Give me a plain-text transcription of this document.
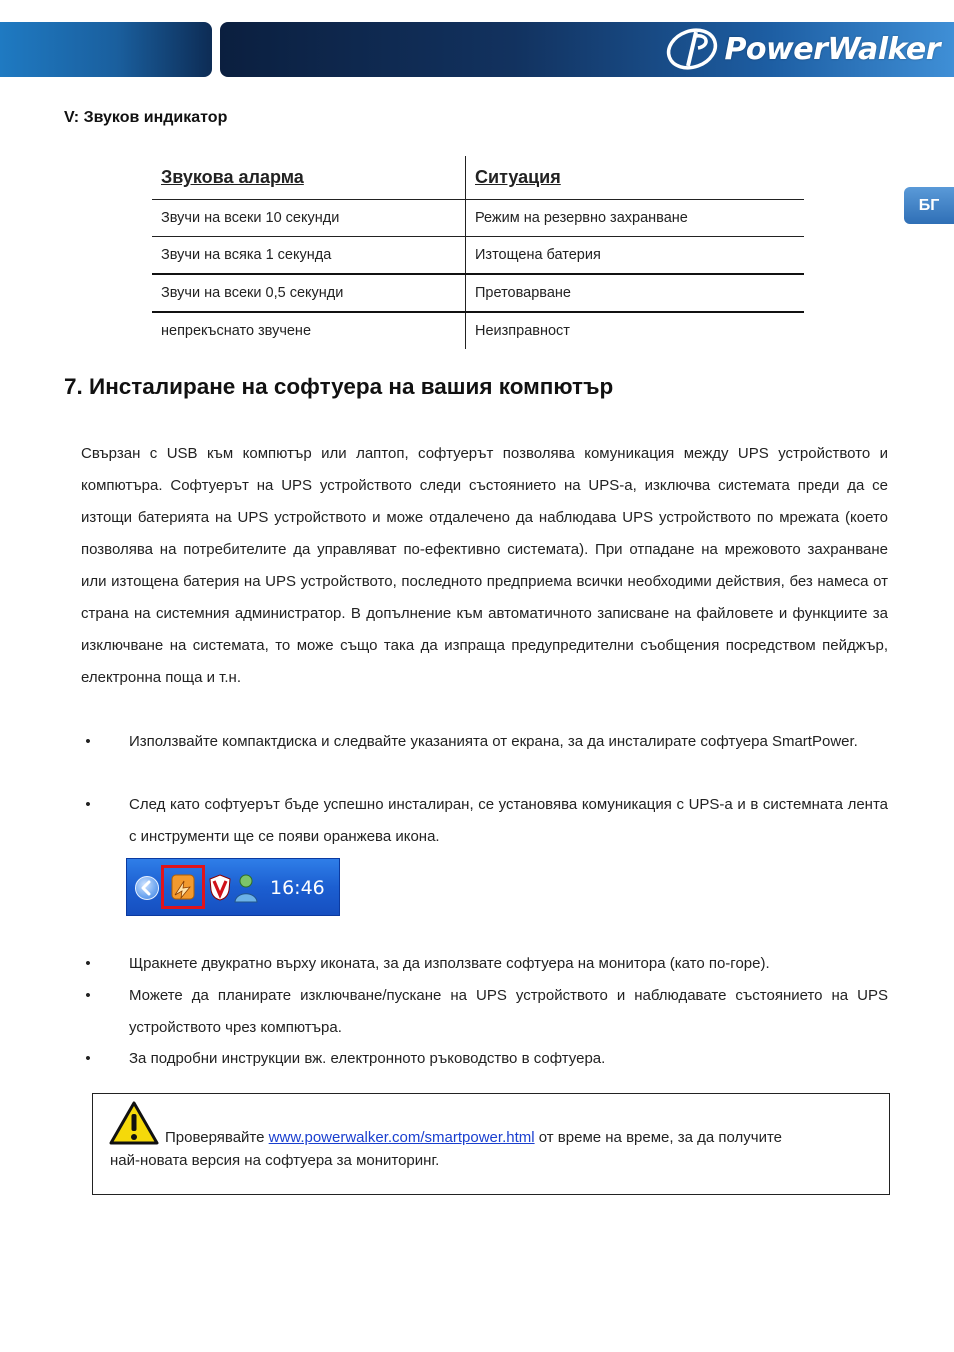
PowerWalker
БГ
V: Звуков индикатор
Звукова аларма	Ситуация
Звучи на всеки 10 секунди	Режим на резервно захранване
Звучи на всяка 1 секунда	Изтощена батерия
Звучи на всеки 0,5 секунди	Претоварване
непрекъснато звучене	Неизправност
7. Инсталиране на софтуера на вашия компютър
Свързан с USB към компютър или лаптоп, софтуерът позволява комуникация между UPS устройството и компютъра. Софтуерът на UPS устройството следи състоянието на UPS-а, изключва системата преди да се изтощи батерията на UPS устройството и може отдалечено да наблюдава UPS устройството по мрежата (което позволява на потребителите да управляват по-ефективно системата). При отпадане на мрежовото захранване или изтощена батерия на UPS устройството, последното предприема всички необходими действия, без намеса от страна на системния администратор. В допълнение към автоматичното записване на файловете и функциите за изключване на системата, то може също така да изпраща предупредителни съобщения посредством пейджър, електронна поща и т.н.
•	Използвайте компактдиска и следвайте указанията от екрана, за да инсталирате софтуера SmartPower.
•	След като софтуерът бъде успешно инсталиран, се установява комуникация с UPS-а и в системната лента с инструменти ще се появи оранжева икона.
16:46
•	Щракнете двукратно върху иконата, за да използвате софтуера на монитора (като по-горе).
•	Можете да планирате изключване/пускане на UPS устройството и наблюдавате състоянието на UPS устройството чрез компютъра.
•	За подробни инструкции вж. електронното ръководство в софтуера.
Проверявайте www.powerwalker.com/smartpower.html от време на време, за да получите
най-новата версия на софтуера за мониторинг.
